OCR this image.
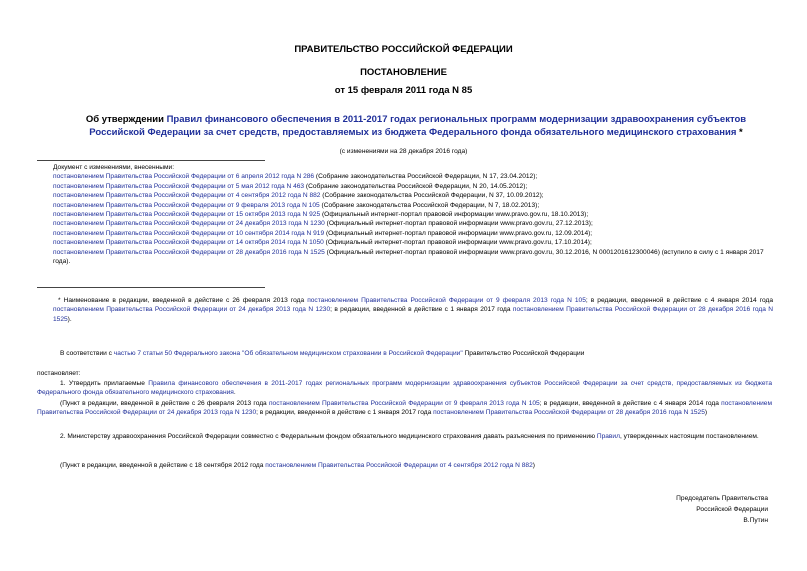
ПРАВИТЕЛЬСТВО РОССИЙСКОЙ ФЕДЕРАЦИИ
ПОСТАНОВЛЕНИЕ
от 15 февраля 2011 года N 85
Об утверждении Правил финансового обеспечения в 2011-2017 годах региональных программ модернизации здравоохранения субъектов Российской Федерации за счет средств, предоставляемых из бюджета Федерального фонда обязательного медицинского страхования *
(с изменениями на 28 декабря 2016 года)
Документ с изменениями, внесенными:
постановлением Правительства Российской Федерации от 6 апреля 2012 года N 286 (Собрание законодательства Российской Федерации, N 17, 23.04.2012);
постановлением Правительства Российской Федерации от 5 мая 2012 года N 463 (Собрание законодательства Российской Федерации, N 20, 14.05.2012);
постановлением Правительства Российской Федерации от 4 сентября 2012 года N 882 (Собрание законодательства Российской Федерации, N 37, 10.09.2012);
постановлением Правительства Российской Федерации от 9 февраля 2013 года N 105 (Собрание законодательства Российской Федерации, N 7, 18.02.2013);
постановлением Правительства Российской Федерации от 15 октября 2013 года N 925 (Официальный интернет-портал правовой информации www.pravo.gov.ru, 18.10.2013);
постановлением Правительства Российской Федерации от 24 декабря 2013 года N 1230 (Официальный интернет-портал правовой информации www.pravo.gov.ru, 27.12.2013);
постановлением Правительства Российской Федерации от 10 сентября 2014 года N 919 (Официальный интернет-портал правовой информации www.pravo.gov.ru, 12.09.2014);
постановлением Правительства Российской Федерации от 14 октября 2014 года N 1050 (Официальный интернет-портал правовой информации www.pravo.gov.ru, 17.10.2014);
постановлением Правительства Российской Федерации от 28 декабря 2016 года N 1525 (Официальный интернет-портал правовой информации www.pravo.gov.ru, 30.12.2016, N 0001201612300046) (вступило в силу с 1 января 2017 года).
* Наименование в редакции, введенной в действие с 26 февраля 2013 года постановлением Правительства Российской Федерации от 9 февраля 2013 года N 105; в редакции, введенной в действие с 4 января 2014 года постановлением Правительства Российской Федерации от 24 декабря 2013 года N 1230; в редакции, введенной в действие с 1 января 2017 года постановлением Правительства Российской Федерации от 28 декабря 2016 года N 1525).
В соответствии с частью 7 статьи 50 Федерального закона "Об обязательном медицинском страховании в Российской Федерации" Правительство Российской Федерации
постановляет:
1. Утвердить прилагаемые Правила финансового обеспечения в 2011-2017 годах региональных программ модернизации здравоохранения субъектов Российской Федерации за счет средств, предоставляемых из бюджета Федерального фонда обязательного медицинского страхования.
(Пункт в редакции, введенной в действие с 26 февраля 2013 года постановлением Правительства Российской Федерации от 9 февраля 2013 года N 105; в редакции, введенной в действие с 4 января 2014 года постановлением Правительства Российской Федерации от 24 декабря 2013 года N 1230; в редакции, введенной в действие с 1 января 2017 года постановлением Правительства Российской Федерации от 28 декабря 2016 года N 1525)
2. Министерству здравоохранения Российской Федерации совместно с Федеральным фондом обязательного медицинского страхования давать разъяснения по применению Правил, утвержденных настоящим постановлением.
(Пункт в редакции, введенной в действие с 18 сентября 2012 года постановлением Правительства Российской Федерации от 4 сентября 2012 года N 882)
Председатель Правительства
Российской Федерации
В.Путин
